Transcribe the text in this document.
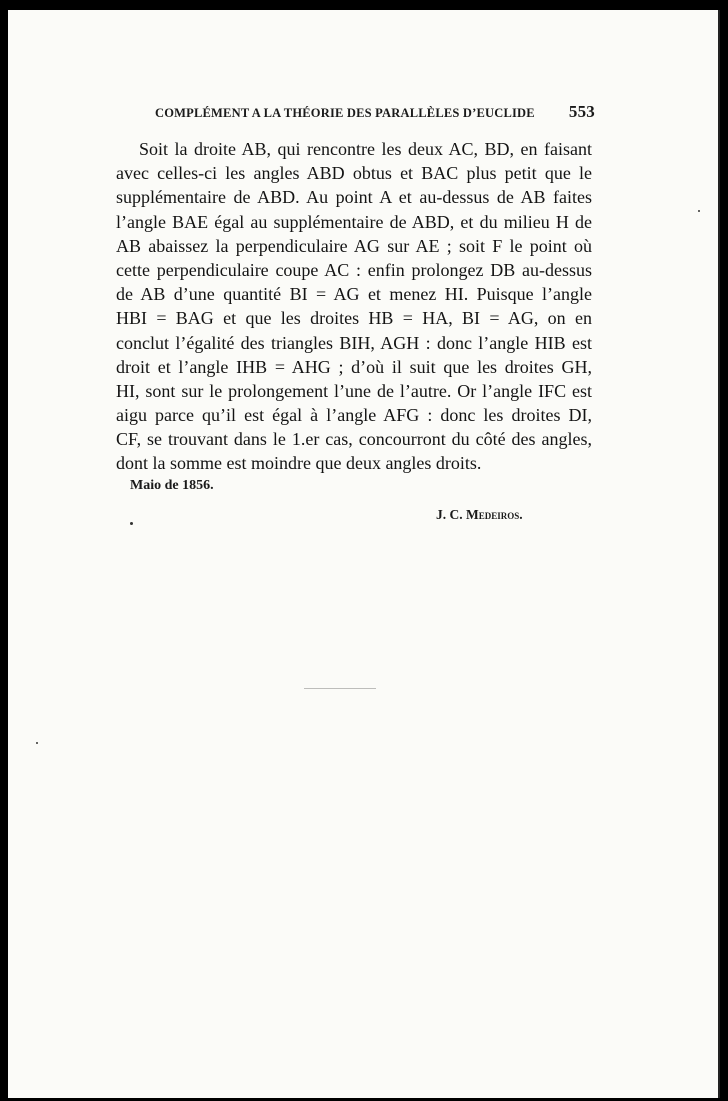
COMPLÉMENT A LA THÉORIE DES PARALLÈLES D’EUCLIDE 553
Soit la droite AB, qui rencontre les deux AC, BD, en faisant
avec celles-ci les angles ABD obtus et BAC plus petit que le
supplémentaire de ABD. Au point A et au-dessus de AB faites
l’angle BAE égal au supplémentaire de ABD, et du milieu H de
AB abaissez la perpendiculaire AG sur AE ; soit F le point où
cette perpendiculaire coupe AC : enfin prolongez DB au-dessus
de AB d’une quantité BI = AG et menez HI. Puisque l’angle
HBI = BAG et que les droites HB = HA, BI = AG, on en
conclut l’égalité des triangles BIH, AGH : donc l’angle HIB est
droit et l’angle IHB = AHG ; d’où il suit que les droites GH,
HI, sont sur le prolongement l’une de l’autre. Or l’angle IFC est
aigu parce qu’il est égal à l’angle AFG : donc les droites DI,
CF, se trouvant dans le 1.er cas, concourront du côté des angles,
dont la somme est moindre que deux angles droits.
Maio de 1856.
J. C. Medeiros.
